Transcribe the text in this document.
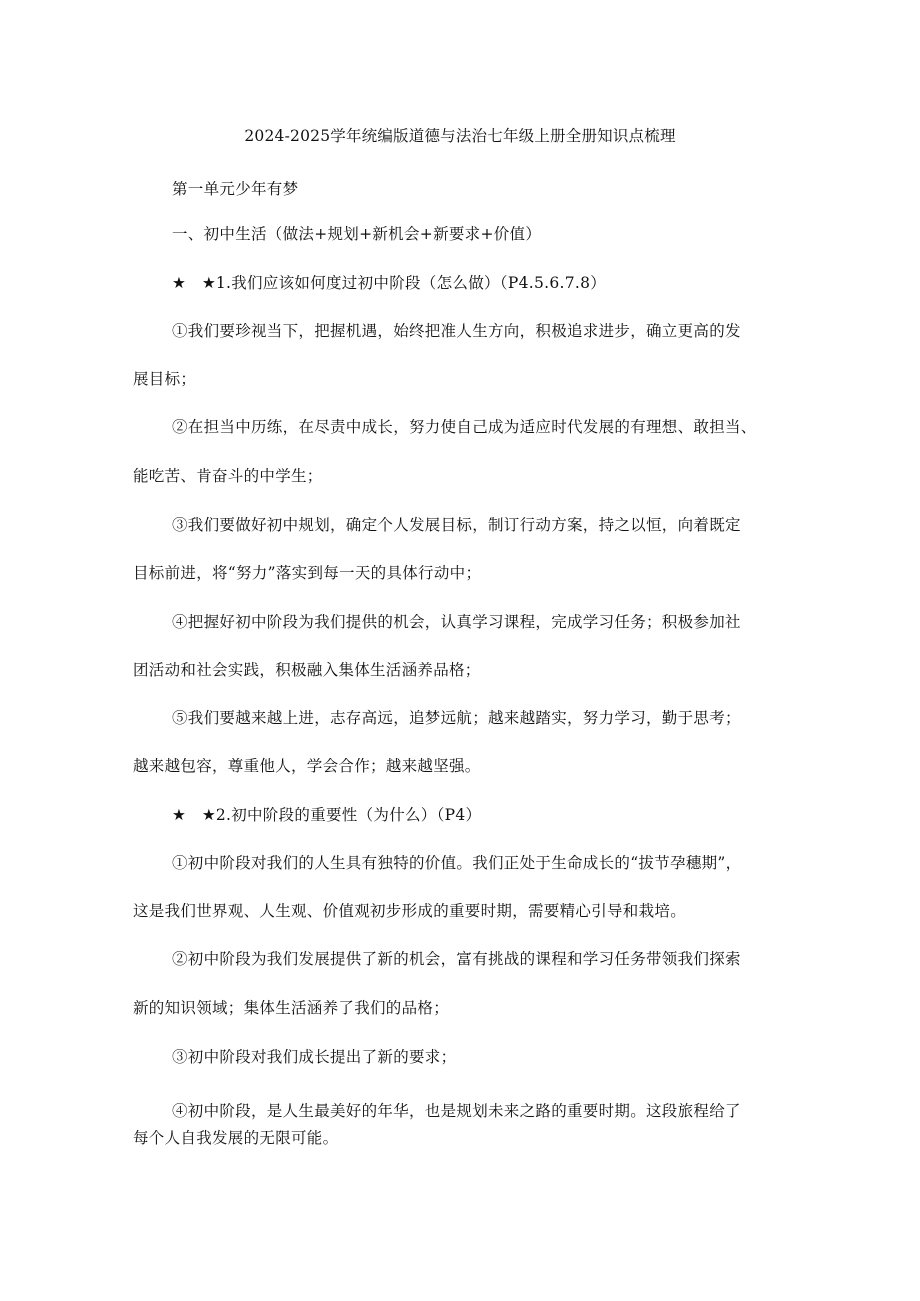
2024-2025学年统编版道德与法治七年级上册全册知识点梳理
第一单元少年有梦
一、初中生活（做法+规划+新机会+新要求+价值）
★ ★1.我们应该如何度过初中阶段（怎么做）（P4.5.6.7.8）
①我们要珍视当下，把握机遇，始终把准人生方向，积极追求进步，确立更高的发
展目标；
②在担当中历练，在尽责中成长，努力使自己成为适应时代发展的有理想、敢担当、
能吃苦、肯奋斗的中学生；
③我们要做好初中规划，确定个人发展目标，制订行动方案，持之以恒，向着既定
目标前进，将“努力”落实到每一天的具体行动中；
④把握好初中阶段为我们提供的机会，认真学习课程，完成学习任务；积极参加社
团活动和社会实践，积极融入集体生活涵养品格；
⑤我们要越来越上进，志存高远，追梦远航；越来越踏实，努力学习，勤于思考；
越来越包容，尊重他人，学会合作；越来越坚强。
★ ★2.初中阶段的重要性（为什么）（P4）
①初中阶段对我们的人生具有独特的价值。我们正处于生命成长的“拔节孕穗期”，
这是我们世界观、人生观、价值观初步形成的重要时期，需要精心引导和栽培。
②初中阶段为我们发展提供了新的机会，富有挑战的课程和学习任务带领我们探索
新的知识领域；集体生活涵养了我们的品格；
③初中阶段对我们成长提出了新的要求；
④初中阶段，是人生最美好的年华，也是规划未来之路的重要时期。这段旅程给了
每个人自我发展的无限可能。
